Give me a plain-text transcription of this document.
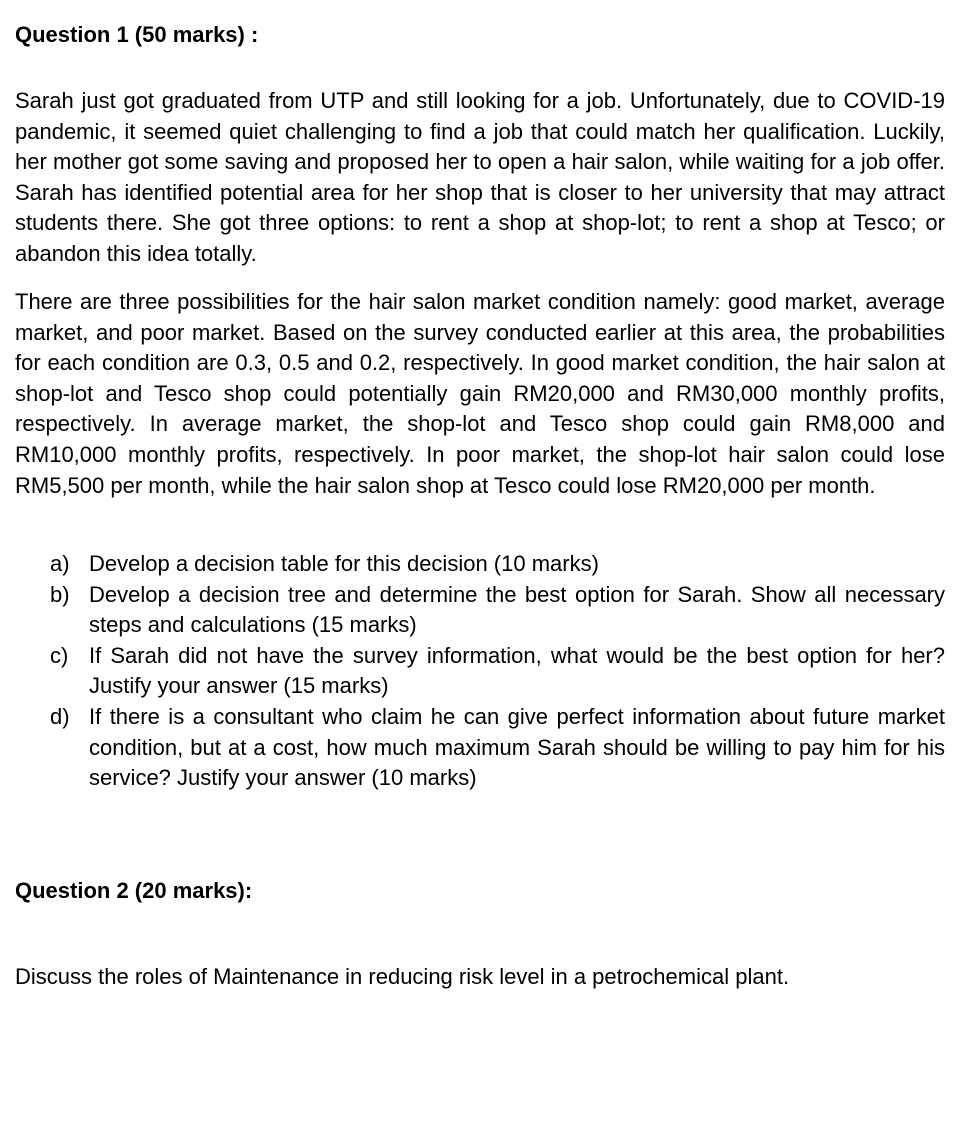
Question 1 (50 marks) :

Sarah just got graduated from UTP and still looking for a job. Unfortunately, due to COVID-19 pandemic, it seemed quiet challenging to find a job that could match her qualification. Luckily, her mother got some saving and proposed her to open a hair salon, while waiting for a job offer. Sarah has identified potential area for her shop that is closer to her university that may attract students there. She got three options: to rent a shop at shop-lot; to rent a shop at Tesco; or abandon this idea totally.

There are three possibilities for the hair salon market condition namely: good market, average market, and poor market. Based on the survey conducted earlier at this area, the probabilities for each condition are 0.3, 0.5 and 0.2, respectively. In good market condition, the hair salon at shop-lot and Tesco shop could potentially gain RM20,000 and RM30,000 monthly profits, respectively. In average market, the shop-lot and Tesco shop could gain RM8,000 and RM10,000 monthly profits, respectively. In poor market, the shop-lot hair salon could lose RM5,500 per month, while the hair salon shop at Tesco could lose RM20,000 per month.

a) Develop a decision table for this decision (10 marks)
b) Develop a decision tree and determine the best option for Sarah. Show all necessary steps and calculations (15 marks)
c) If Sarah did not have the survey information, what would be the best option for her? Justify your answer (15 marks)
d) If there is a consultant who claim he can give perfect information about future market condition, but at a cost, how much maximum Sarah should be willing to pay him for his service? Justify your answer (10 marks)
Question 2 (20 marks):
Discuss the roles of Maintenance in reducing risk level in a petrochemical plant.
